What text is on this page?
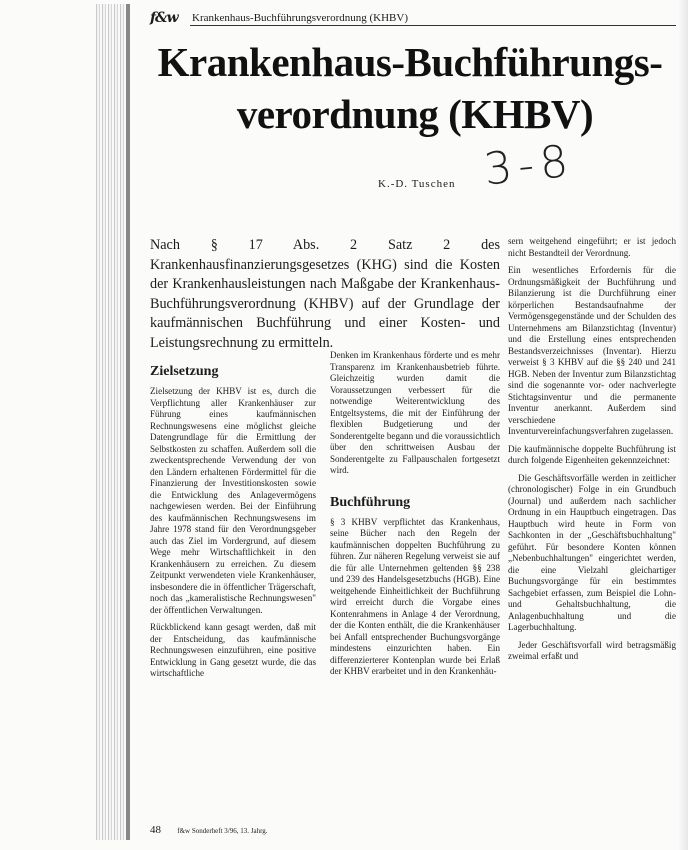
f&w Krankenhaus-Buchführungsverordnung (KHBV)
Krankenhaus-Buchführungs-
verordnung (KHBV)
K.-D. Tuschen 3-8
Nach § 17 Abs. 2 Satz 2 des Krankenhausfinanzierungsgesetzes (KHG) sind die Kosten der Krankenhausleistungen nach Maßgabe der Krankenhaus-Buchführungsverordnung (KHBV) auf der Grundlage der kaufmännischen Buchführung und einer Kosten- und Leistungsrechnung zu ermitteln.

sern weitgehend eingeführt; er ist jedoch nicht Bestandteil der Verordnung.

Ein wesentliches Erfordernis für die Ordnungsmäßigkeit der Buchführung und Bilanzierung ist die Durchführung einer körperlichen Bestandsaufnahme der Vermögensgegenstände und der Schulden des Unternehmens am Bilanzstichtag (Inventur) und die Erstellung eines entsprechenden Bestandsverzeichnisses (Inventar). Hierzu verweist § 3 KHBV auf die §§ 240 und 241 HGB. Neben der Inventur zum Bilanzstichtag sind die sogenannte vor- oder nachverlegte Stichtagsinventur und die permanente Inventur anerkannt. Außerdem sind verschiedene Inventurvereinfachungsverfahren zugelassen.

Die kaufmännische doppelte Buchführung ist durch folgende Eigenheiten gekennzeichnet:

Die Geschäftsvorfälle werden in zeitlicher (chronologischer) Folge in ein Grundbuch (Journal) und außerdem nach sachlicher Ordnung in ein Hauptbuch eingetragen. Das Hauptbuch wird heute in Form von Sachkonten in der „Geschäftsbuchhaltung" geführt. Für besondere Konten können „Nebenbuchhaltungen" eingerichtet werden, die eine Vielzahl gleichartiger Buchungsvorgänge für ein bestimmtes Sachgebiet erfassen, zum Beispiel die Lohn- und Gehaltsbuchhaltung, die Anlagenbuchhaltung und die Lagerbuchhaltung.

Jeder Geschäftsvorfall wird betragsmäßig zweimal erfaßt und

Zielsetzung

Zielsetzung der KHBV ist es, durch die Verpflichtung aller Krankenhäuser zur Führung eines kaufmännischen Rechnungswesens eine möglichst gleiche Datengrundlage für die Ermittlung der Selbstkosten zu schaffen. Außerdem soll die zweckentsprechende Verwendung der von den Ländern erhaltenen Fördermittel für die Finanzierung der Investitionskosten sowie die Entwicklung des Anlagevermögens nachgewiesen werden. Bei der Einführung des kaufmännischen Rechnungswesens im Jahre 1978 stand für den Verordnungsgeber auch das Ziel im Vordergrund, auf diesem Wege mehr Wirtschaftlichkeit in den Krankenhäusern zu erreichen. Zu diesem Zeitpunkt verwendeten viele Krankenhäuser, insbesondere die in öffentlicher Trägerschaft, noch das „kameralistische Rechnungswesen" der öffentlichen Verwaltungen.

Rückblickend kann gesagt werden, daß mit der Entscheidung, das kaufmännische Rechnungswesen einzuführen, eine positive Entwicklung in Gang gesetzt wurde, die das wirtschaftliche

Denken im Krankenhaus förderte und es mehr Transparenz im Krankenhausbetrieb führte. Gleichzeitig wurden damit die Voraussetzungen verbessert für die notwendige Weiterentwicklung des Entgeltsystems, die mit der Einführung der flexiblen Budgetierung und der Sonderentgelte begann und die voraussichtlich über den schrittweisen Ausbau der Sonderentgelte zu Fallpauschalen fortgesetzt wird.

Buchführung

§ 3 KHBV verpflichtet das Krankenhaus, seine Bücher nach den Regeln der kaufmännischen doppelten Buchführung zu führen. Zur näheren Regelung verweist sie auf die für alle Unternehmen geltenden §§ 238 und 239 des Handelsgesetzbuchs (HGB). Eine weitgehende Einheitlichkeit der Buchführung wird erreicht durch die Vorgabe eines Kontenrahmens in Anlage 4 der Verordnung, der die Konten enthält, die die Krankenhäuser bei Anfall entsprechender Buchungsvorgänge mindestens einzurichten haben. Ein differenzierterer Kontenplan wurde bei Erlaß der KHBV erarbeitet und in den Krankenhäu-

48 f&w Sonderheft 3/96, 13. Jahrg.
